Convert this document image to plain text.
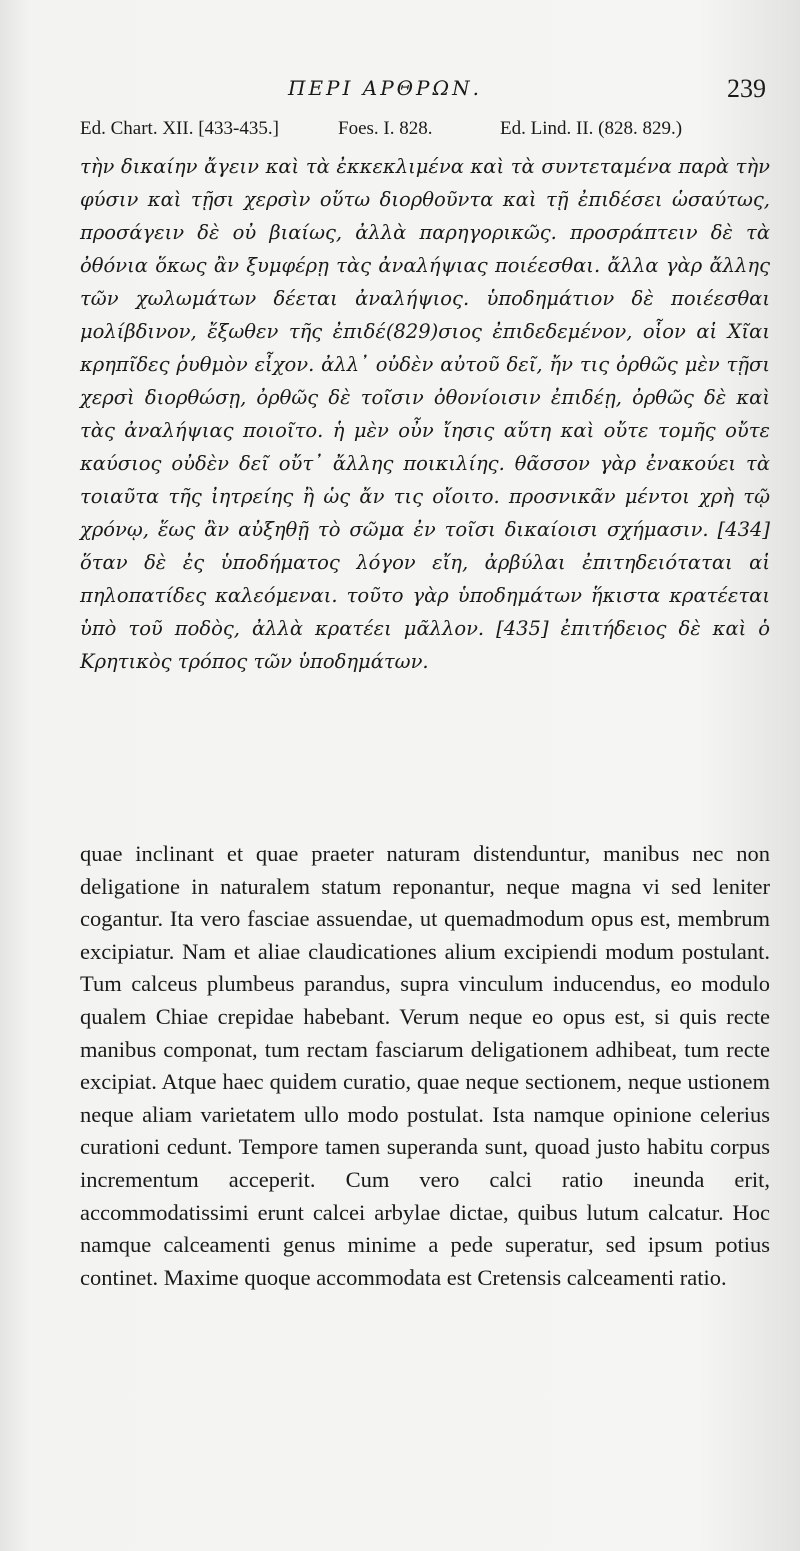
ΠΕΡΙ ΑΡΘΡΩΝ.	239
Ed. Chart. XII. [433-435.]	Foes. I. 828.	Ed. Lind. II. (828. 829.)

τὴν δικαίην ἄγειν καὶ τὰ ἐκκεκλιμένα καὶ τὰ συντεταμένα παρὰ τὴν φύσιν καὶ τῇσι χερσὶν οὕτω διορθοῦντα καὶ τῇ ἐπιδέσει ὡσαύτως, προσάγειν δὲ οὐ βιαίως, ἀλλὰ παρηγορικῶς. προσράπτειν δὲ τὰ ὀθόνια ὅκως ἂν ξυμφέρῃ τὰς ἀναλήψιας ποιέεσθαι. ἄλλα γὰρ ἄλλης τῶν χωλωμάτων δέεται ἀναλήψιος. ὑποδημάτιον δὲ ποιέεσθαι μολίβδινον, ἔξωθεν τῆς ἐπιδέ(829)σιος ἐπιδεδεμένον, οἷον αἱ Χῖαι κρηπῖδες ῥυθμὸν εἶχον. ἀλλ᾽ οὐδὲν αὐτοῦ δεῖ, ἤν τις ὀρθῶς μὲν τῇσι χερσὶ διορθώσῃ, ὀρθῶς δὲ τοῖσιν ὀθονίοισιν ἐπιδέῃ, ὀρθῶς δὲ καὶ τὰς ἀναλήψιας ποιοῖτο. ἡ μὲν οὖν ἴησις αὕτη καὶ οὔτε τομῆς οὔτε καύσιος οὐδὲν δεῖ οὔτ᾽ ἄλλης ποικιλίης. θᾶσσον γὰρ ἐνακούει τὰ τοιαῦτα τῆς ἰητρείης ἢ ὡς ἄν τις οἴοιτο. προσνικᾶν μέντοι χρὴ τῷ χρόνῳ, ἕως ἂν αὐξηθῇ τὸ σῶμα ἐν τοῖσι δικαίοισι σχήμασιν. [434] ὅταν δὲ ἐς ὑποδήματος λόγον εἴη, ἀρβύλαι ἐπιτηδειόταται αἱ πηλοπατίδες καλεόμεναι. τοῦτο γὰρ ὑποδημάτων ἥκιστα κρατέεται ὑπὸ τοῦ ποδὸς, ἀλλὰ κρατέει μᾶλλον. [435] ἐπιτήδειος δὲ καὶ ὁ Κρητικὸς τρόπος τῶν ὑποδημάτων.

quae inclinant et quae praeter naturam distenduntur, manibus nec non deligatione in naturalem statum reponantur, neque magna vi sed leniter cogantur. Ita vero fasciae assuendae, ut quemadmodum opus est, membrum excipiatur. Nam et aliae claudicationes alium excipiendi modum postulant. Tum calceus plumbeus parandus, supra vinculum inducendus, eo modulo qualem Chiae crepidae habebant. Verum neque eo opus est, si quis recte manibus componat, tum rectam fasciarum deligationem adhibeat, tum recte excipiat. Atque haec quidem curatio, quae neque sectionem, neque ustionem neque aliam varietatem ullo modo postulat. Ista namque opinione celerius curationi cedunt. Tempore tamen superanda sunt, quoad justo habitu corpus incrementum acceperit. Cum vero calci ratio ineunda erit, accommodatissimi erunt calcei arbylae dictae, quibus lutum calcatur. Hoc namque calceamenti genus minime a pede superatur, sed ipsum potius continet. Maxime quoque accommodata est Cretensis calceamenti ratio.
